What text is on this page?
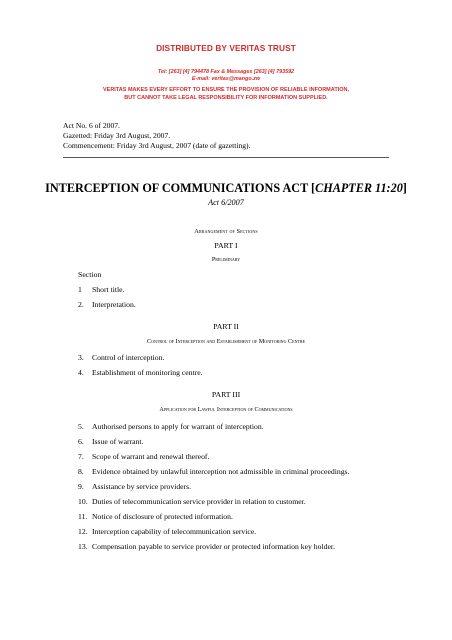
DISTRIBUTED BY VERITAS TRUST
Tel: [263] [4] 794478 Fax & Messages [263] [4] 793592
E-mail: veritas@mango.zw
VERITAS MAKES EVERY EFFORT TO ENSURE THE PROVISION OF RELIABLE INFORMATION,
BUT CANNOT TAKE LEGAL RESPONSIBILITY FOR INFORMATION SUPPLIED.
Act No. 6 of 2007.
Gazetted: Friday 3rd August, 2007.
Commencement: Friday 3rd August, 2007 (date of gazetting).
INTERCEPTION OF COMMUNICATIONS ACT [CHAPTER 11:20]
Act 6/2007
Arrangement of Sections
PART I
Preliminary
Section
1 Short title.
2. Interpretation.
PART II
Control of Interception and Establishment of Monitoring Centre
3. Control of interception.
4. Establishment of monitoring centre.
PART III
Application for Lawful Interception of Communications
5. Authorised persons to apply for warrant of interception.
6. Issue of warrant.
7. Scope of warrant and renewal thereof.
8. Evidence obtained by unlawful interception not admissible in criminal proceedings.
9. Assistance by service providers.
10. Duties of telecommunication service provider in relation to customer.
11. Notice of disclosure of protected information.
12. Interception capability of telecommunication service.
13. Compensation payable to service provider or protected information key holder.
